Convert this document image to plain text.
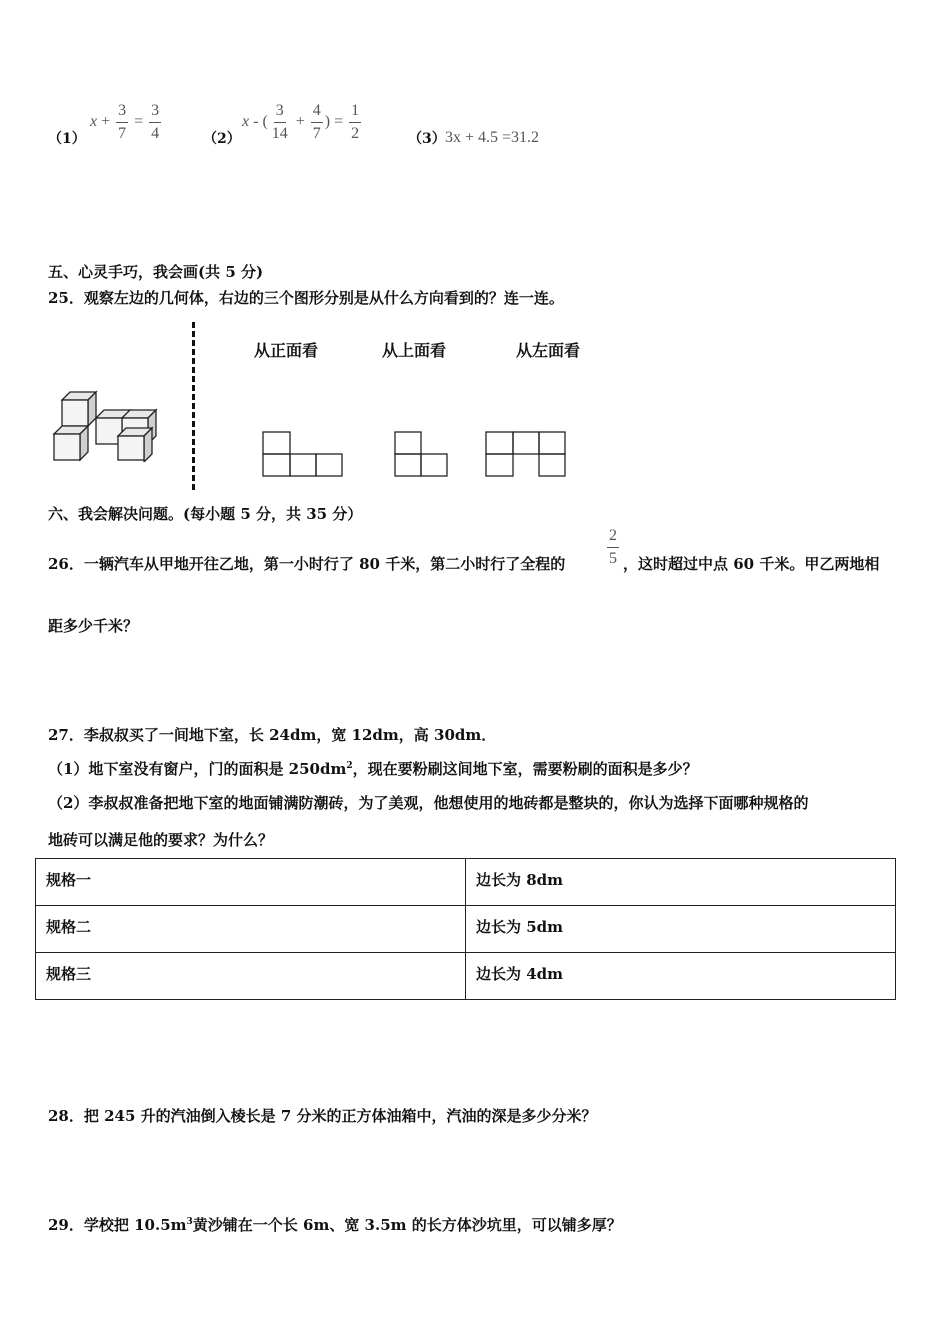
（1）
$x + \frac{3}{7} = \frac{3}{4}$	（2）
x - ( $\frac{3}{14} + \frac{4}{7}$ ) = $\frac{1}{2}$	（3） 3x + 4.5 =31.2
五、心灵手巧，我会画(共 5 分)
25．观察左边的几何体，右边的三个图形分别是从什么方向看到的？连一连。
从正面看	从上面看	从左面看
六、我会解决问题。(每小题 5 分，共 35 分）
26．一辆汽车从甲地开往乙地，第一小时行了 80 千米，第二小时行了全程的	$\frac{2}{5}$ ，这时超过中点 60 千米。甲乙两地相
距多少千米？
27．李叔叔买了一间地下室，长 24dm，宽 12dm，高 30dm．
（1）地下室没有窗户，门的面积是 $250dm^2$，现在要粉刷这间地下室，需要粉刷的面积是多少？
（2）李叔叔准备把地下室的地面铺满防潮砖，为了美观，他想使用的地砖都是整块的，你认为选择下面哪种规格的
地砖可以满足他的要求？为什么？
规格一	边长为 8dm
规格二	边长为 5dm
规格三	边长为 4dm
28．把 245 升的汽油倒入棱长是 7 分米的正方体油箱中，汽油的深是多少分米？
29．学校把 $10.5m^3$黄沙铺在一个长 6m、宽 3.5m 的长方体沙坑里，可以铺多厚？
